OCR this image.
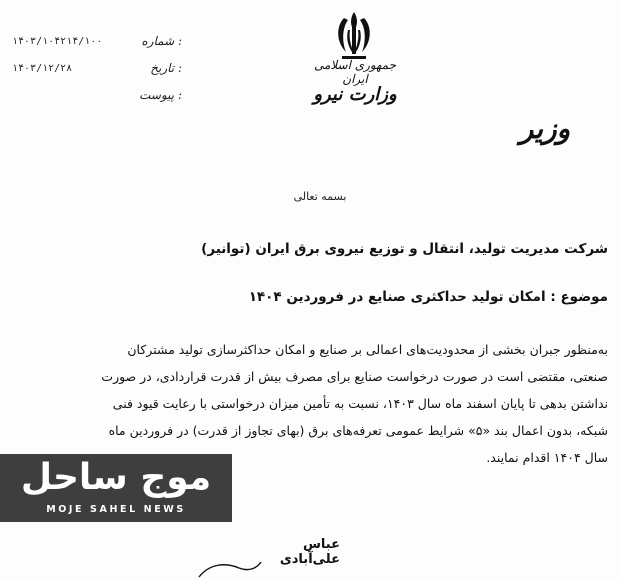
۱۴۰۳/۱۰۴۲۱۴/۱۰۰	شماره :
۱۴۰۳/۱۲/۲۸	تاریخ :
پیوست :
جمهوری اسلامی ایران
وزارت نیرو
وزیر
بسمه تعالی
شرکت مدیریت تولید، انتقال و توزیع نیروی برق ایران (توانیر)
موضوع : امکان تولید حداکثری صنایع در فروردین ۱۴۰۴
به‌منظور جبران بخشی از محدودیت‌های اعمالی بر صنایع و امکان حداکثرسازی تولید مشترکان
صنعتی، مقتضی است در صورت درخواست صنایع برای مصرف بیش از قدرت قراردادی، در صورت
نداشتن بدهی تا پایان اسفند ماه سال ۱۴۰۳، نسبت به تأمین میزان درخواستی با رعایت قیود فنی
شبکه، بدون اعمال بند «۵» شرایط عمومی تعرفه‌های برق (بهای تجاوز از قدرت) در فروردین ماه
سال ۱۴۰۴ اقدام نمایند.
عباس علی‌آبادی
موج ساحل
MOJE SAHEL NEWS
